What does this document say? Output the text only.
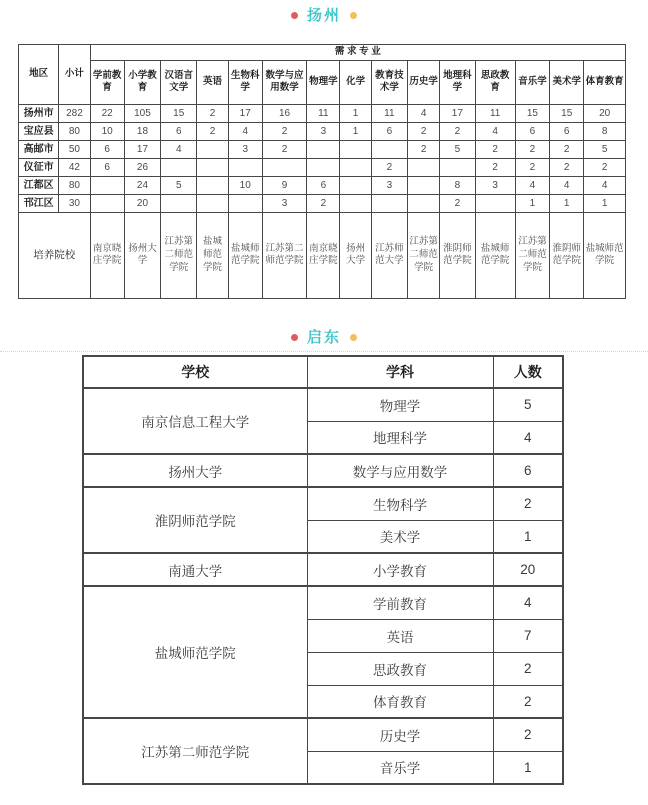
扬州
地区	小计	需 求 专 业														
		学前教育	小学教育	汉语言文学	英语	生物科学	数学与应用数学	物理学	化学	教育技术学	历史学	地理科学	思政教育	音乐学	美术学	体育教育
扬州市	282	22	105	15	2	17	16	11	1	11	4	17	11	15	15	20
宝应县	80	10	18	6	2	4	2	3	1	6	2	2	4	6	6	8
高邮市	50	6	17	4		3	2				2	5	2	2	2	5
仪征市	42	6	26							2			2	2	2	2
江都区	80		24	5		10	9	6		3		8	3	4	4	4
邗江区	30		20				3	2				2		1	1	1
培养院校		南京晓庄学院	扬州大学	江苏第二师范学院	盐城师范学院	盐城师范学院	江苏第二师范学院	南京晓庄学院	扬州大学	江苏师范大学	江苏第二师范学院	淮阴师范学院	盐城师范学院	江苏第二师范学院	淮阴师范学院	盐城师范学院
启东
学校	学科	人数
南京信息工程大学	物理学	5
	地理科学	4
扬州大学	数学与应用数学	6
淮阴师范学院	生物科学	2
	美术学	1
南通大学	小学教育	20
盐城师范学院	学前教育	4
	英语	7
	思政教育	2
	体育教育	2
江苏第二师范学院	历史学	2
	音乐学	1
